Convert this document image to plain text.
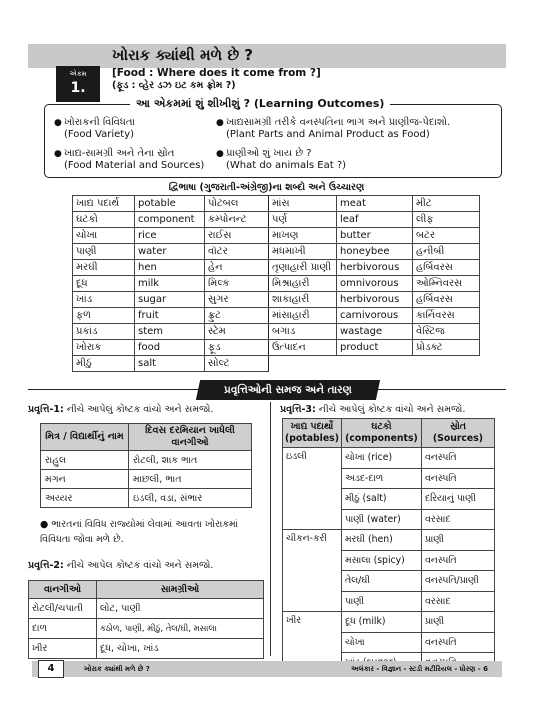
ખોરાક ક્યાંથી મળે છે ?
એકમ
1.
[Food : Where does it come from ?]
(ફૂડ : વ્હેર ડઝ ઇટ કમ ફ્રોમ ?)
આ એકમમાં શું શીખીશું ? (Learning Outcomes)
● ખોરાકની વિવિધતા
(Food Variety)
● ખાદ્ય-સામગ્રી અને તેના સ્રોત
(Food Material and Sources)
● ખાદ્યસામગ્રી તરીકે વનસ્પતિના ભાગ અને પ્રાણીજ-પેદાશો.
(Plant Parts and Animal Product as Food)
● પ્રાણીઓ શું ખાય છે ?
(What do animals Eat ?)
દ્વિભાષા (ગુજરાતી-અંગ્રેજી)ના શબ્દો અને ઉચ્ચારણ
ખાદ્ય પદાર્થ	potable	પોટબલ	માંસ	meat	મીટ
ઘટકો	component	કમ્પોનન્ટ	પર્ણ	leaf	લીફ
ચોખા	rice	રાઈસ	માખણ	butter	બટર
પાણી	water	વૉટર	મધમાખી	honeybee	હનીબી
મરઘી	hen	હેન	તૃણાહારી પ્રાણી	herbivorous	હર્બિવરસ
દૂધ	milk	મિલ્ક	મિશ્રાહારી	omnivorous	ઓમ્નિવરસ
ખાંડ	sugar	સુગર	શાકાહારી	herbivorous	હર્બિવરસ
ફળ	fruit	ફ્રુટ	માંસાહારી	carnivorous	કાર્નિવરસ
પ્રકાંડ	stem	સ્ટેમ	બગાડ	wastage	વેસ્ટિજ
ખોરાક	food	ફૂડ	ઉત્પાદન	product	પ્રોડક્ટ
મીઠું	salt	સોલ્ટ			
પ્રવૃત્તિઓની સમજ અને તારણ
પ્રવૃત્તિ-1: નીચે આપેલું કોષ્ટક વાંચો અને સમજો.
મિત્ર / વિદ્યાર્થીનું નામ	દિવસ દરમિયાન ખાધેલી વાનગીઓ
રાહુલ	રોટલી, શાક ભાત
મગન	માછલી, ભાત
અય્યર	ઇડલી, વડા, સંભાર
● ભારતનાં વિવિધ રાજ્યોમાં લેવામાં આવતા ખોરાકમાં વિવિધતા જોવા મળે છે.
પ્રવૃત્તિ-2: નીચે આપેલ કોષ્ટક વાંચો અને સમજો.
વાનગીઓ	સામગ્રીઓ
રોટલી/ચપાતી	લોટ, પાણી
દાળ	કઠોળ, પાણી, મીઠું, તેલ/ઘી, મસાલા
ખીર	દૂધ, ચોખા, ખાંડ
પ્રવૃત્તિ-3: નીચે આપેલું કોષ્ટક વાંચો અને સમજો.
ખાદ્ય પદાર્થો (potables)	ઘટકો (components)	સ્રોત (Sources)
ઇડલી	ચોખા (rice)	વનસ્પતિ
	અડદ-દાળ	વનસ્પતિ
	મીઠું (salt)	દરિયાનું પાણી
	પાણી (water)	વરસાદ
ચીકન-કરી	મરઘી (hen)	પ્રાણી
	મસાલા (spicy)	વનસ્પતિ
	તેલ/ઘી	વનસ્પતિ/પ્રાણી
	પાણી	વરસાદ
ખીર	દૂધ (milk)	પ્રાણી
	ચોખા	વનસ્પતિ

ખોરાક ક્યાંથી મળે છે ?	અલંકાર - વિજ્ઞાન - સ્ટડી મટીરિયલ - ધોરણ - 6
4
